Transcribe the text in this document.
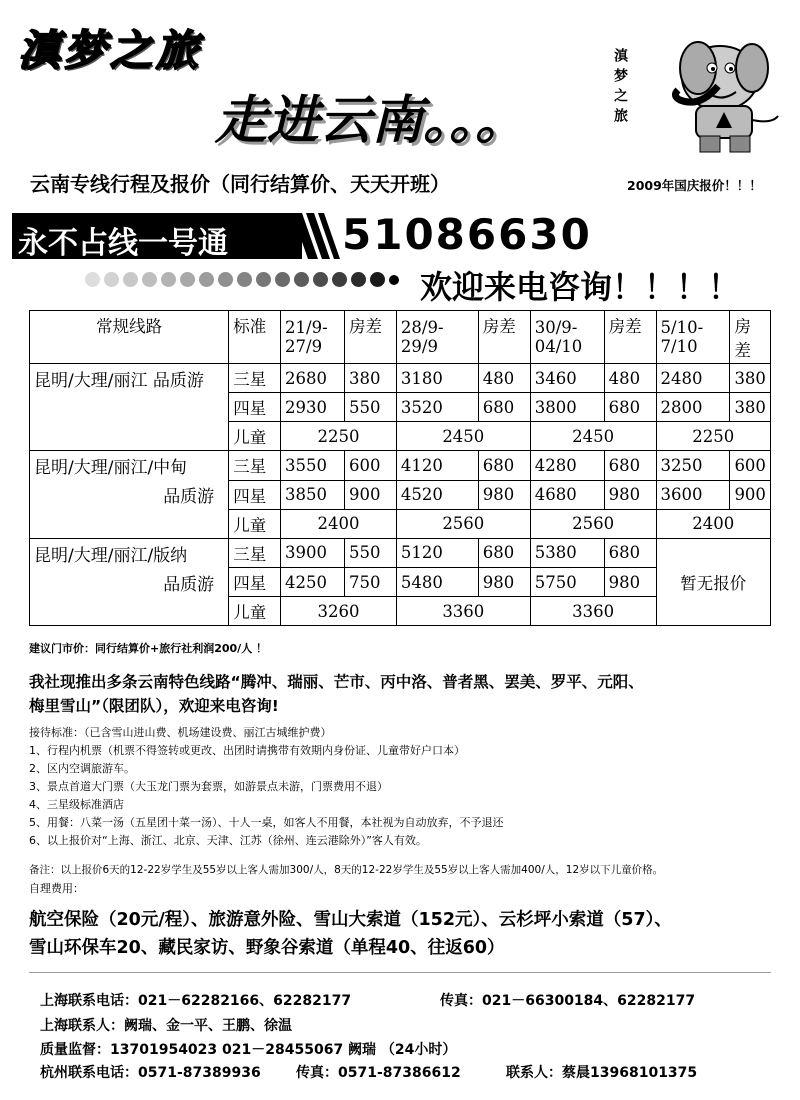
滇梦之旅
走进云南。。。	滇梦之旅
云南专线行程及报价（同行结算价、天天开班）	2009年国庆报价！！！
永不占线一号通	51086630
欢迎来电咨询！！！！
常规线路	标准	21/9-27/9	房差	28/9-29/9	房差	30/9-04/10	房差	5/10-7/10	房差
昆明/大理/丽江 品质游	三星	2680	380	3180	480	3460	480	2480	380
	四星	2930	550	3520	680	3800	680	2800	380
	儿童	2250		2450		2450		2250	
昆明/大理/丽江/中甸	三星	3550	600	4120	680	4280	680	3250	600
品质游	四星	3850	900	4520	980	4680	980	3600	900
	儿童	2400		2560		2560		2400	
昆明/大理/丽江/版纳	三星	3900	550	5120	680	5380	680	暂无报价	
品质游	四星	4250	750	5480	980	5750	980		
	儿童	3260		3360		3360			
建议门市价：同行结算价+旅行社利润200/人 ！
我社现推出多条云南特色线路“腾冲、瑞丽、芒市、丙中洛、普者黑、罢美、罗平、元阳、
梅里雪山”（限团队），欢迎来电咨询!
接待标准：（已含雪山进山费、机场建设费、丽江古城维护费）
1、行程内机票（机票不得签转或更改、出团时请携带有效期内身份证、儿童带好户口本）
2、区内空调旅游车。
3、景点首道大门票（大玉龙门票为套票，如游景点未游，门票费用不退）
4、三星级标准酒店
5、用餐：八菜一汤（五星团十菜一汤）、十人一桌，如客人不用餐，本社视为自动放弃，不予退还
6、以上报价对“上海、浙江、北京、天津、江苏（徐州、连云港除外）”客人有效。
备注：以上报价6天的12-22岁学生及55岁以上客人需加300/人，8天的12-22岁学生及55岁以上客人需加400/人，12岁以下儿童价格。
自理费用：
航空保险（20元/程）、旅游意外险、雪山大索道（152元）、云杉坪小索道（57）、
雪山环保车20、藏民家访、野象谷索道（单程40、往返60）
上海联系电话：021－62282166、62282177	传真：021－66300184、62282177
上海联系人：阙瑞、金一平、王鹏、徐温
质量监督：13701954023 021－28455067 阙瑞 （24小时）
杭州联系电话：0571-87389936	传真：0571-87386612	联系人：蔡晨13968101375
